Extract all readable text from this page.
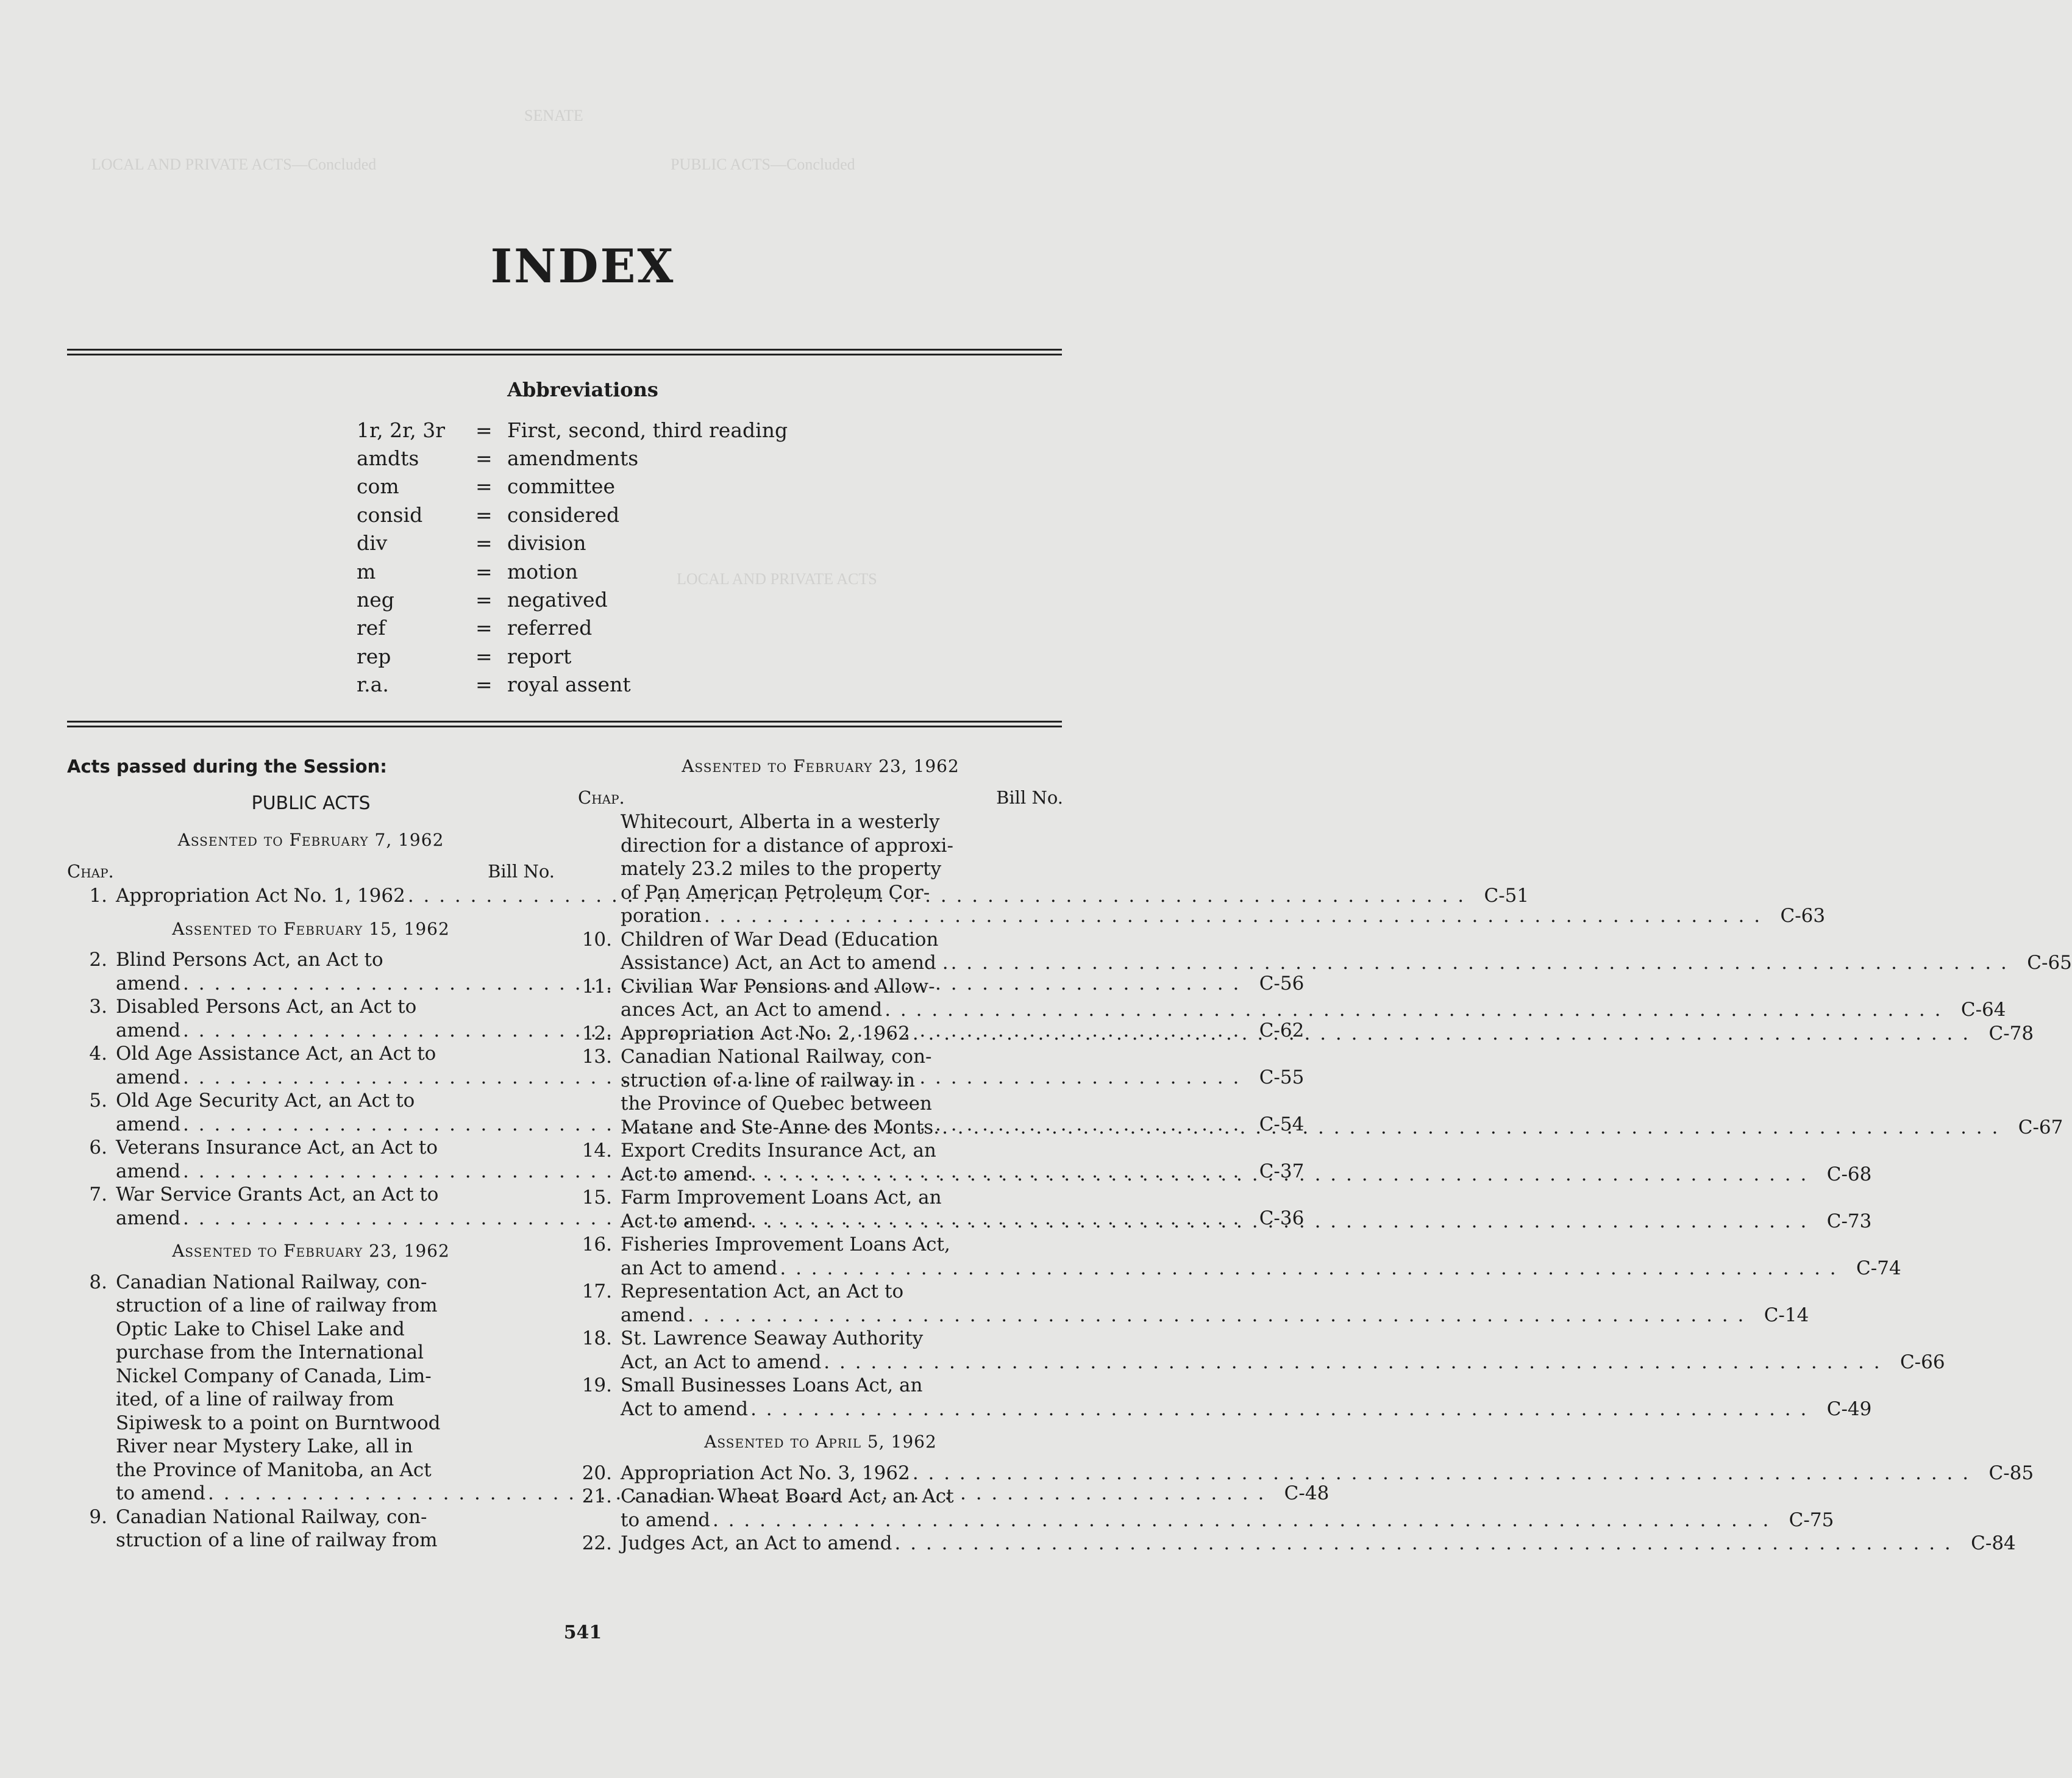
SENATE
LOCAL AND PRIVATE ACTS—Concluded	PUBLIC ACTS—Concluded
LOCAL AND PRIVATE ACTS
INDEX
Abbreviations
1r, 2r, 3r	= First, second, third reading
amdts	= amendments
com	= committee
consid	= considered
div	= division
m	= motion
neg	= negatived
ref	= referred
rep	= report
r.a.	= royal assent
Acts passed during the Session:
PUBLIC ACTS
Assented to February 7, 1962
Chap.	Bill No.
1. Appropriation Act No. 1, 1962 . . .	C-51
Assented to February 15, 1962
2. Blind Persons Act, an Act to
amend . . .	C-56
3. Disabled Persons Act, an Act to
amend . . .	C-62
4. Old Age Assistance Act, an Act to
amend . . .	C-55
5. Old Age Security Act, an Act to
amend . . .	C-54
6. Veterans Insurance Act, an Act to
amend . . .	C-37
7. War Service Grants Act, an Act to
amend . . .	C-36
Assented to February 23, 1962
8. Canadian National Railway, con-
struction of a line of railway from
Optic Lake to Chisel Lake and
purchase from the International
Nickel Company of Canada, Lim-
ited, of a line of railway from
Sipiwesk to a point on Burntwood
River near Mystery Lake, all in
the Province of Manitoba, an Act
to amend . . .	C-48
9. Canadian National Railway, con-
struction of a line of railway from
Assented to February 23, 1962
Chap.	Bill No.
Whitecourt, Alberta in a westerly
direction for a distance of approxi-
mately 23.2 miles to the property
of Pan American Petroleum Cor-
poration . . .	C-63
10. Children of War Dead (Education
Assistance) Act, an Act to amend . . . .	C-65
11. Civilian War Pensions and Allow-
ances Act, an Act to amend . . .	C-64
12. Appropriation Act No. 2, 1962 . . .	C-78
13. Canadian National Railway, con-
struction of a line of railway in
the Province of Quebec between
Matane and Ste-Anne des Monts. . . .	C-67
14. Export Credits Insurance Act, an
Act to amend . . .	C-68
15. Farm Improvement Loans Act, an
Act to amend . . .	C-73
16. Fisheries Improvement Loans Act,
an Act to amend . . .	C-74
17. Representation Act, an Act to
amend . . .	C-14
18. St. Lawrence Seaway Authority
Act, an Act to amend . . .	C-66
19. Small Businesses Loans Act, an
Act to amend . . .	C-49
Assented to April 5, 1962
20. Appropriation Act No. 3, 1962 . . .	C-85
21. Canadian Wheat Board Act, an Act
to amend . . .	C-75
22. Judges Act, an Act to amend . . .	C-84
541
